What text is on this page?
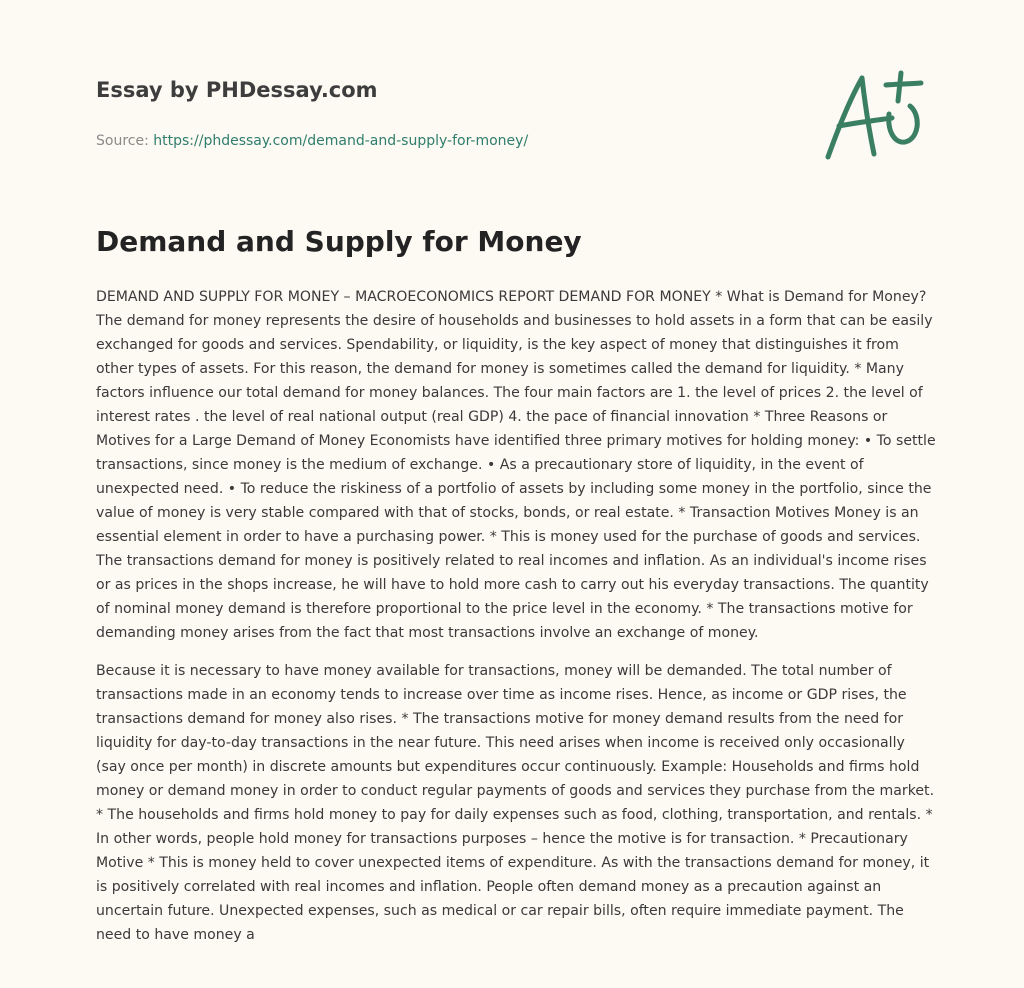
Essay by PHDessay.com
Source: https://phdessay.com/demand-and-supply-for-money/
Demand and Supply for Money

DEMAND AND SUPPLY FOR MONEY – MACROECONOMICS REPORT DEMAND FOR MONEY * What is Demand for Money? The demand for money represents the desire of households and businesses to hold assets in a form that can be easily exchanged for goods and services. Spendability, or liquidity, is the key aspect of money that distinguishes it from other types of assets. For this reason, the demand for money is sometimes called the demand for liquidity. * Many factors influence our total demand for money balances. The four main factors are 1. the level of prices 2. the level of interest rates . the level of real national output (real GDP) 4. the pace of financial innovation * Three Reasons or Motives for a Large Demand of Money Economists have identified three primary motives for holding money: • To settle transactions, since money is the medium of exchange. • As a precautionary store of liquidity, in the event of unexpected need. • To reduce the riskiness of a portfolio of assets by including some money in the portfolio, since the value of money is very stable compared with that of stocks, bonds, or real estate. * Transaction Motives Money is an essential element in order to have a purchasing power. * This is money used for the purchase of goods and services. The transactions demand for money is positively related to real incomes and inflation. As an individual's income rises or as prices in the shops increase, he will have to hold more cash to carry out his everyday transactions. The quantity of nominal money demand is therefore proportional to the price level in the economy. * The transactions motive for demanding money arises from the fact that most transactions involve an exchange of money.

Because it is necessary to have money available for transactions, money will be demanded. The total number of transactions made in an economy tends to increase over time as income rises. Hence, as income or GDP rises, the transactions demand for money also rises. * The transactions motive for money demand results from the need for liquidity for day-to-day transactions in the near future. This need arises when income is received only occasionally (say once per month) in discrete amounts but expenditures occur continuously. Example: Households and firms hold money or demand money in order to conduct regular payments of goods and services they purchase from the market. * The households and firms hold money to pay for daily expenses such as food, clothing, transportation, and rentals. * In other words, people hold money for transactions purposes – hence the motive is for transaction. * Precautionary Motive * This is money held to cover unexpected items of expenditure. As with the transactions demand for money, it is positively correlated with real incomes and inflation. People often demand money as a precaution against an uncertain future. Unexpected expenses, such as medical or car repair bills, often require immediate payment. The need to have money a
